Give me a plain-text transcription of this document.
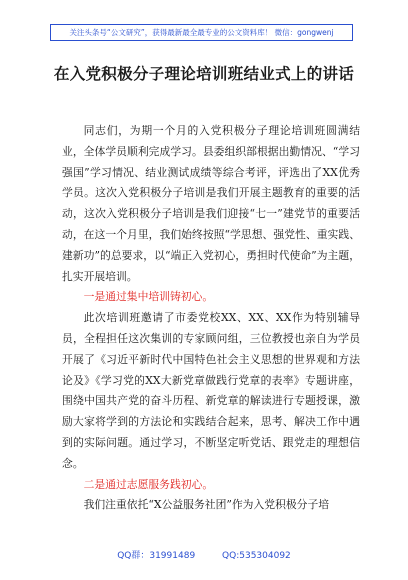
关注头条号“公文研究”，获得最新最全最专业的公文资料库！ 微信：gongwenj
在入党积极分子理论培训班结业式上的讲话

同志们，为期一个月的入党积极分子理论培训班圆满结业，全体学员顺利完成学习。县委组织部根据出勤情况、“学习强国”学习情况、结业测试成绩等综合考评，评选出了XX优秀学员。这次入党积极分子培训是我们开展主题教育的重要的活动，这次入党积极分子培训是我们迎接“七一”建党节的重要活动，在这一个月里，我们始终按照“学思想、强党性、重实践、建新功”的总要求，以“端正入党初心，勇担时代使命”为主题，扎实开展培训。

一是通过集中培训铸初心。

此次培训班邀请了市委党校XX、XX、XX作为特别辅导员，全程担任这次集训的专家顾问组，三位教授也亲自为学员开展了《习近平新时代中国特色社会主义思想的世界观和方法论及》《学习党的XX大新党章做践行党章的表率》专题讲座，围绕中国共产党的奋斗历程、新党章的解读进行专题授课，激励大家将学到的方法论和实践结合起来，思考、解决工作中遇到的实际问题。通过学习，不断坚定听党话、跟党走的理想信念。

二是通过志愿服务践初心。

我们注重依托“X公益服务社团”作为入党积极分子培

QQ群：31991489	QQ:535304092
